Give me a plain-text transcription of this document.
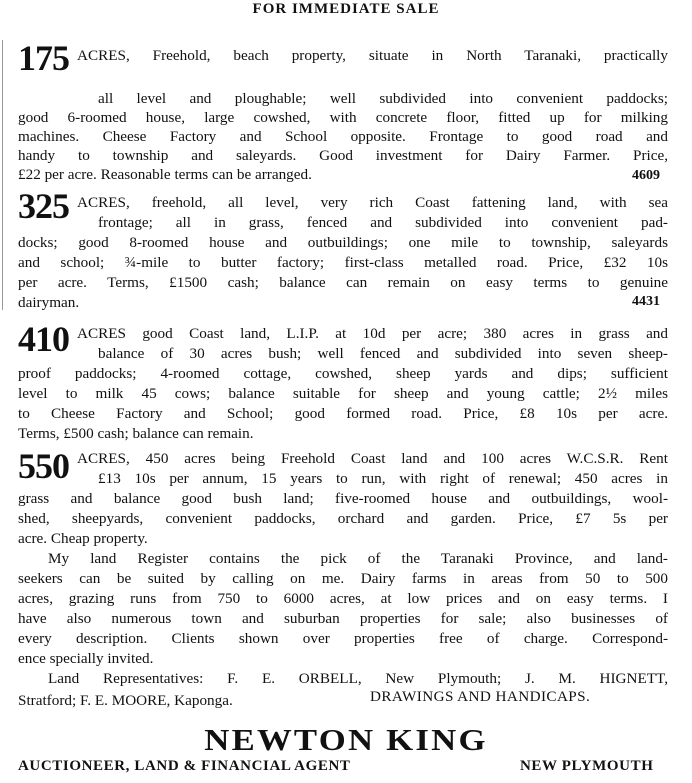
FOR IMMEDIATE SALE
175 ACRES, Freehold, beach property, situate in North Taranaki, practically
all level and ploughable; well subdivided into convenient paddocks;
good 6-roomed house, large cowshed, with concrete floor, fitted up for milking
machines. Cheese Factory and School opposite. Frontage to good road and
handy to township and saleyards. Good investment for Dairy Farmer. Price,
£22 per acre. Reasonable terms can be arranged.	4609
325 ACRES, freehold, all level, very rich Coast fattening land, with sea
frontage; all in grass, fenced and subdivided into convenient pad-
docks; good 8-roomed house and outbuildings; one mile to township, saleyards
and school; ¾-mile to butter factory; first-class metalled road. Price, £32 10s
per acre. Terms, £1500 cash; balance can remain on easy terms to genuine
dairyman.	4431
410 ACRES good Coast land, L.I.P. at 10d per acre; 380 acres in grass and
balance of 30 acres bush; well fenced and subdivided into seven sheep-
proof paddocks; 4-roomed cottage, cowshed, sheep yards and dips; sufficient
level to milk 45 cows; balance suitable for sheep and young cattle; 2½ miles
to Cheese Factory and School; good formed road. Price, £8 10s per acre.
Terms, £500 cash; balance can remain.
550 ACRES, 450 acres being Freehold Coast land and 100 acres W.C.S.R. Rent
£13 10s per annum, 15 years to run, with right of renewal; 450 acres in
grass and balance good bush land; five-roomed house and outbuildings, wool-
shed, sheepyards, convenient paddocks, orchard and garden. Price, £7 5s per
acre. Cheap property.
My land Register contains the pick of the Taranaki Province, and land-
seekers can be suited by calling on me. Dairy farms in areas from 50 to 500
acres, grazing runs from 750 to 6000 acres, at low prices and on easy terms. I
have also numerous town and suburban properties for sale; also businesses of
every description. Clients shown over properties free of charge. Correspond-
ence specially invited.
Land Representatives: F. E. ORBELL, New Plymouth; J. M. HIGNETT,
Stratford; F. E. MOORE, Kaponga.	DRAWINGS AND HANDICAPS.
NEWTON KING
AUCTIONEER, LAND & FINANCIAL AGENT	NEW PLYMOUTH
